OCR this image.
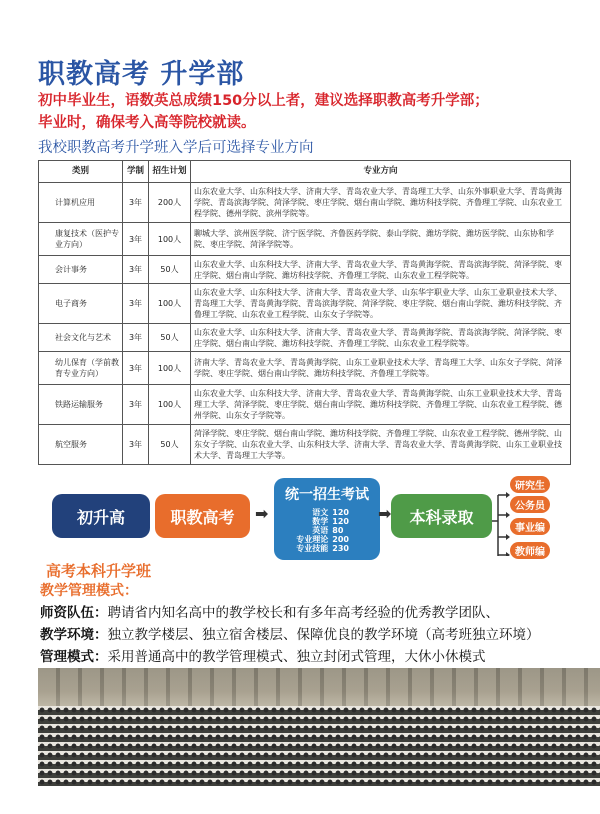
职教高考 升学部
初中毕业生，语数英总成绩150分以上者，建议选择职教高考升学部；
毕业时，确保考入高等院校就读。
我校职教高考升学班入学后可选择专业方向
类别	学制	招生计划	专业方向
计算机应用	3年	200人	山东农业大学、山东科技大学、济南大学、青岛农业大学、青岛理工大学、山东外事职业大学、青岛黄海学院、青岛滨海学院、菏泽学院、枣庄学院、烟台南山学院、潍坊科技学院、齐鲁理工学院、山东农业工程学院、德州学院、滨州学院等。
康复技术（医护专业方向）	3年	100人	聊城大学、滨州医学院、济宁医学院、齐鲁医药学院、泰山学院、潍坊学院、潍坊医学院、山东协和学院、枣庄学院、菏泽学院等。
会计事务	3年	50人	山东农业大学、山东科技大学、济南大学、青岛农业大学、青岛黄海学院、青岛滨海学院、菏泽学院、枣庄学院、烟台南山学院、潍坊科技学院、齐鲁理工学院、山东农业工程学院等。
电子商务	3年	100人	山东农业大学、山东科技大学、济南大学、青岛农业大学、山东华宇职业大学、山东工业职业技术大学、青岛理工大学、青岛黄海学院、青岛滨海学院、菏泽学院、枣庄学院、烟台南山学院、潍坊科技学院、齐鲁理工学院、山东农业工程学院、山东女子学院等。
社会文化与艺术	3年	50人	山东农业大学、山东科技大学、济南大学、青岛农业大学、青岛黄海学院、青岛滨海学院、菏泽学院、枣庄学院、烟台南山学院、潍坊科技学院、齐鲁理工学院、山东农业工程学院等。
幼儿保育（学前教育专业方向）	3年	100人	济南大学、青岛农业大学、青岛黄海学院、山东工业职业技术大学、青岛理工大学、山东女子学院、菏泽学院、枣庄学院、烟台南山学院、潍坊科技学院、齐鲁理工学院等。
铁路运输服务	3年	100人	山东农业大学、山东科技大学、济南大学、青岛农业大学、青岛黄海学院、山东工业职业技术大学、青岛理工大学、菏泽学院、枣庄学院、烟台南山学院、潍坊科技学院、齐鲁理工学院、山东农业工程学院、德州学院、山东女子学院等。
航空服务	3年	50人	菏泽学院、枣庄学院、烟台南山学院、潍坊科技学院、齐鲁理工学院、山东农业工程学院、德州学院、山东女子学院、山东农业大学、山东科技大学、济南大学、青岛农业大学、青岛黄海学院、山东工业职业技术大学、青岛理工大学等。
初升高	职教高考	➡
统一招生考试
语文 120
数学 120
英语 80
专业理论 200
专业技能 230
➡	本科录取
研究生
公务员
事业编
教师编
高考本科升学班
教学管理模式：
师资队伍：聘请省内知名高中的教学校长和有多年高考经验的优秀教学团队、
教学环境：独立教学楼层、独立宿舍楼层、保障优良的教学环境（高考班独立环境）
管理模式：采用普通高中的教学管理模式、独立封闭式管理，大休小休模式
